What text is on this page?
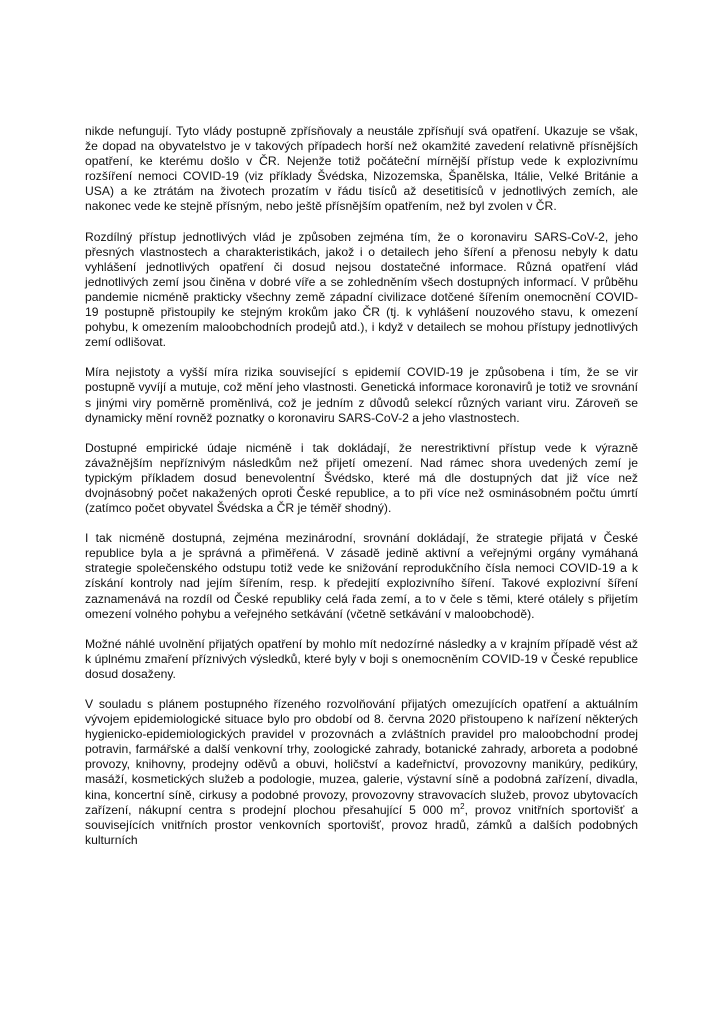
nikde nefungují. Tyto vlády postupně zpřísňovaly a neustále zpřísňují svá opatření. Ukazuje se však, že dopad na obyvatelstvo je v takových případech horší než okamžité zavedení relativně přísnějších opatření, ke kterému došlo v ČR. Nejenže totiž počáteční mírnější přístup vede k explozivnímu rozšíření nemoci COVID-19 (viz příklady Švédska, Nizozemska, Španělska, Itálie, Velké Británie a USA) a ke ztrátám na životech prozatím v řádu tisíců až desetitisíců v jednotlivých zemích, ale nakonec vede ke stejně přísným, nebo ještě přísnějším opatřením, než byl zvolen v ČR.

Rozdílný přístup jednotlivých vlád je způsoben zejména tím, že o koronaviru SARS-CoV-2, jeho přesných vlastnostech a charakteristikách, jakož i o detailech jeho šíření a přenosu nebyly k datu vyhlášení jednotlivých opatření či dosud nejsou dostatečné informace. Různá opatření vlád jednotlivých zemí jsou činěna v dobré víře a se zohledněním všech dostupných informací. V průběhu pandemie nicméně prakticky všechny země západní civilizace dotčené šířením onemocnění COVID-19 postupně přistoupily ke stejným krokům jako ČR (tj. k vyhlášení nouzového stavu, k omezení pohybu, k omezením maloobchodních prodejů atd.), i když v detailech se mohou přístupy jednotlivých zemí odlišovat.

Míra nejistoty a vyšší míra rizika související s epidemií COVID-19 je způsobena i tím, že se vir postupně vyvíjí a mutuje, což mění jeho vlastnosti. Genetická informace koronavirů je totiž ve srovnání s jinými viry poměrně proměnlivá, což je jedním z důvodů selekcí různých variant viru. Zároveň se dynamicky mění rovněž poznatky o koronaviru SARS-CoV-2 a jeho vlastnostech.

Dostupné empirické údaje nicméně i tak dokládají, že nerestriktivní přístup vede k výrazně závažnějším nepříznivým následkům než přijetí omezení. Nad rámec shora uvedených zemí je typickým příkladem dosud benevolentní Švédsko, které má dle dostupných dat již více než dvojnásobný počet nakažených oproti České republice, a to při více než osminásobném počtu úmrtí (zatímco počet obyvatel Švédska a ČR je téměř shodný).

I tak nicméně dostupná, zejména mezinárodní, srovnání dokládají, že strategie přijatá v České republice byla a je správná a přiměřená. V zásadě jedině aktivní a veřejnými orgány vymáhaná strategie společenského odstupu totiž vede ke snižování reprodukčního čísla nemoci COVID-19 a k získání kontroly nad jejím šířením, resp. k předejití explozivního šíření. Takové explozivní šíření zaznamenává na rozdíl od České republiky celá řada zemí, a to v čele s těmi, které otálely s přijetím omezení volného pohybu a veřejného setkávání (včetně setkávání v maloobchodě).

Možné náhlé uvolnění přijatých opatření by mohlo mít nedozírné následky a v krajním případě vést až k úplnému zmaření příznivých výsledků, které byly v boji s onemocněním COVID-19 v České republice dosud dosaženy.

V souladu s plánem postupného řízeného rozvolňování přijatých omezujících opatření a aktuálním vývojem epidemiologické situace bylo pro období od 8. června 2020 přistoupeno k nařízení některých hygienicko-epidemiologických pravidel v prozovnách a zvláštních pravidel pro maloobchodní prodej potravin, farmářské a další venkovní trhy, zoologické zahrady, botanické zahrady, arboreta a podobné provozy, knihovny, prodejny oděvů a obuvi, holičství a kadeřnictví, provozovny manikúry, pedikúry, masáží, kosmetických služeb a podologie, muzea, galerie, výstavní síně a podobná zařízení, divadla, kina, koncertní síně, cirkusy a podobné provozy, provozovny stravovacích služeb, provoz ubytovacích zařízení, nákupní centra s prodejní plochou přesahující 5 000 $m^2$, provoz vnitřních sportovišť a souvisejících vnitřních prostor venkovních sportovišť, provoz hradů, zámků a dalších podobných kulturních
